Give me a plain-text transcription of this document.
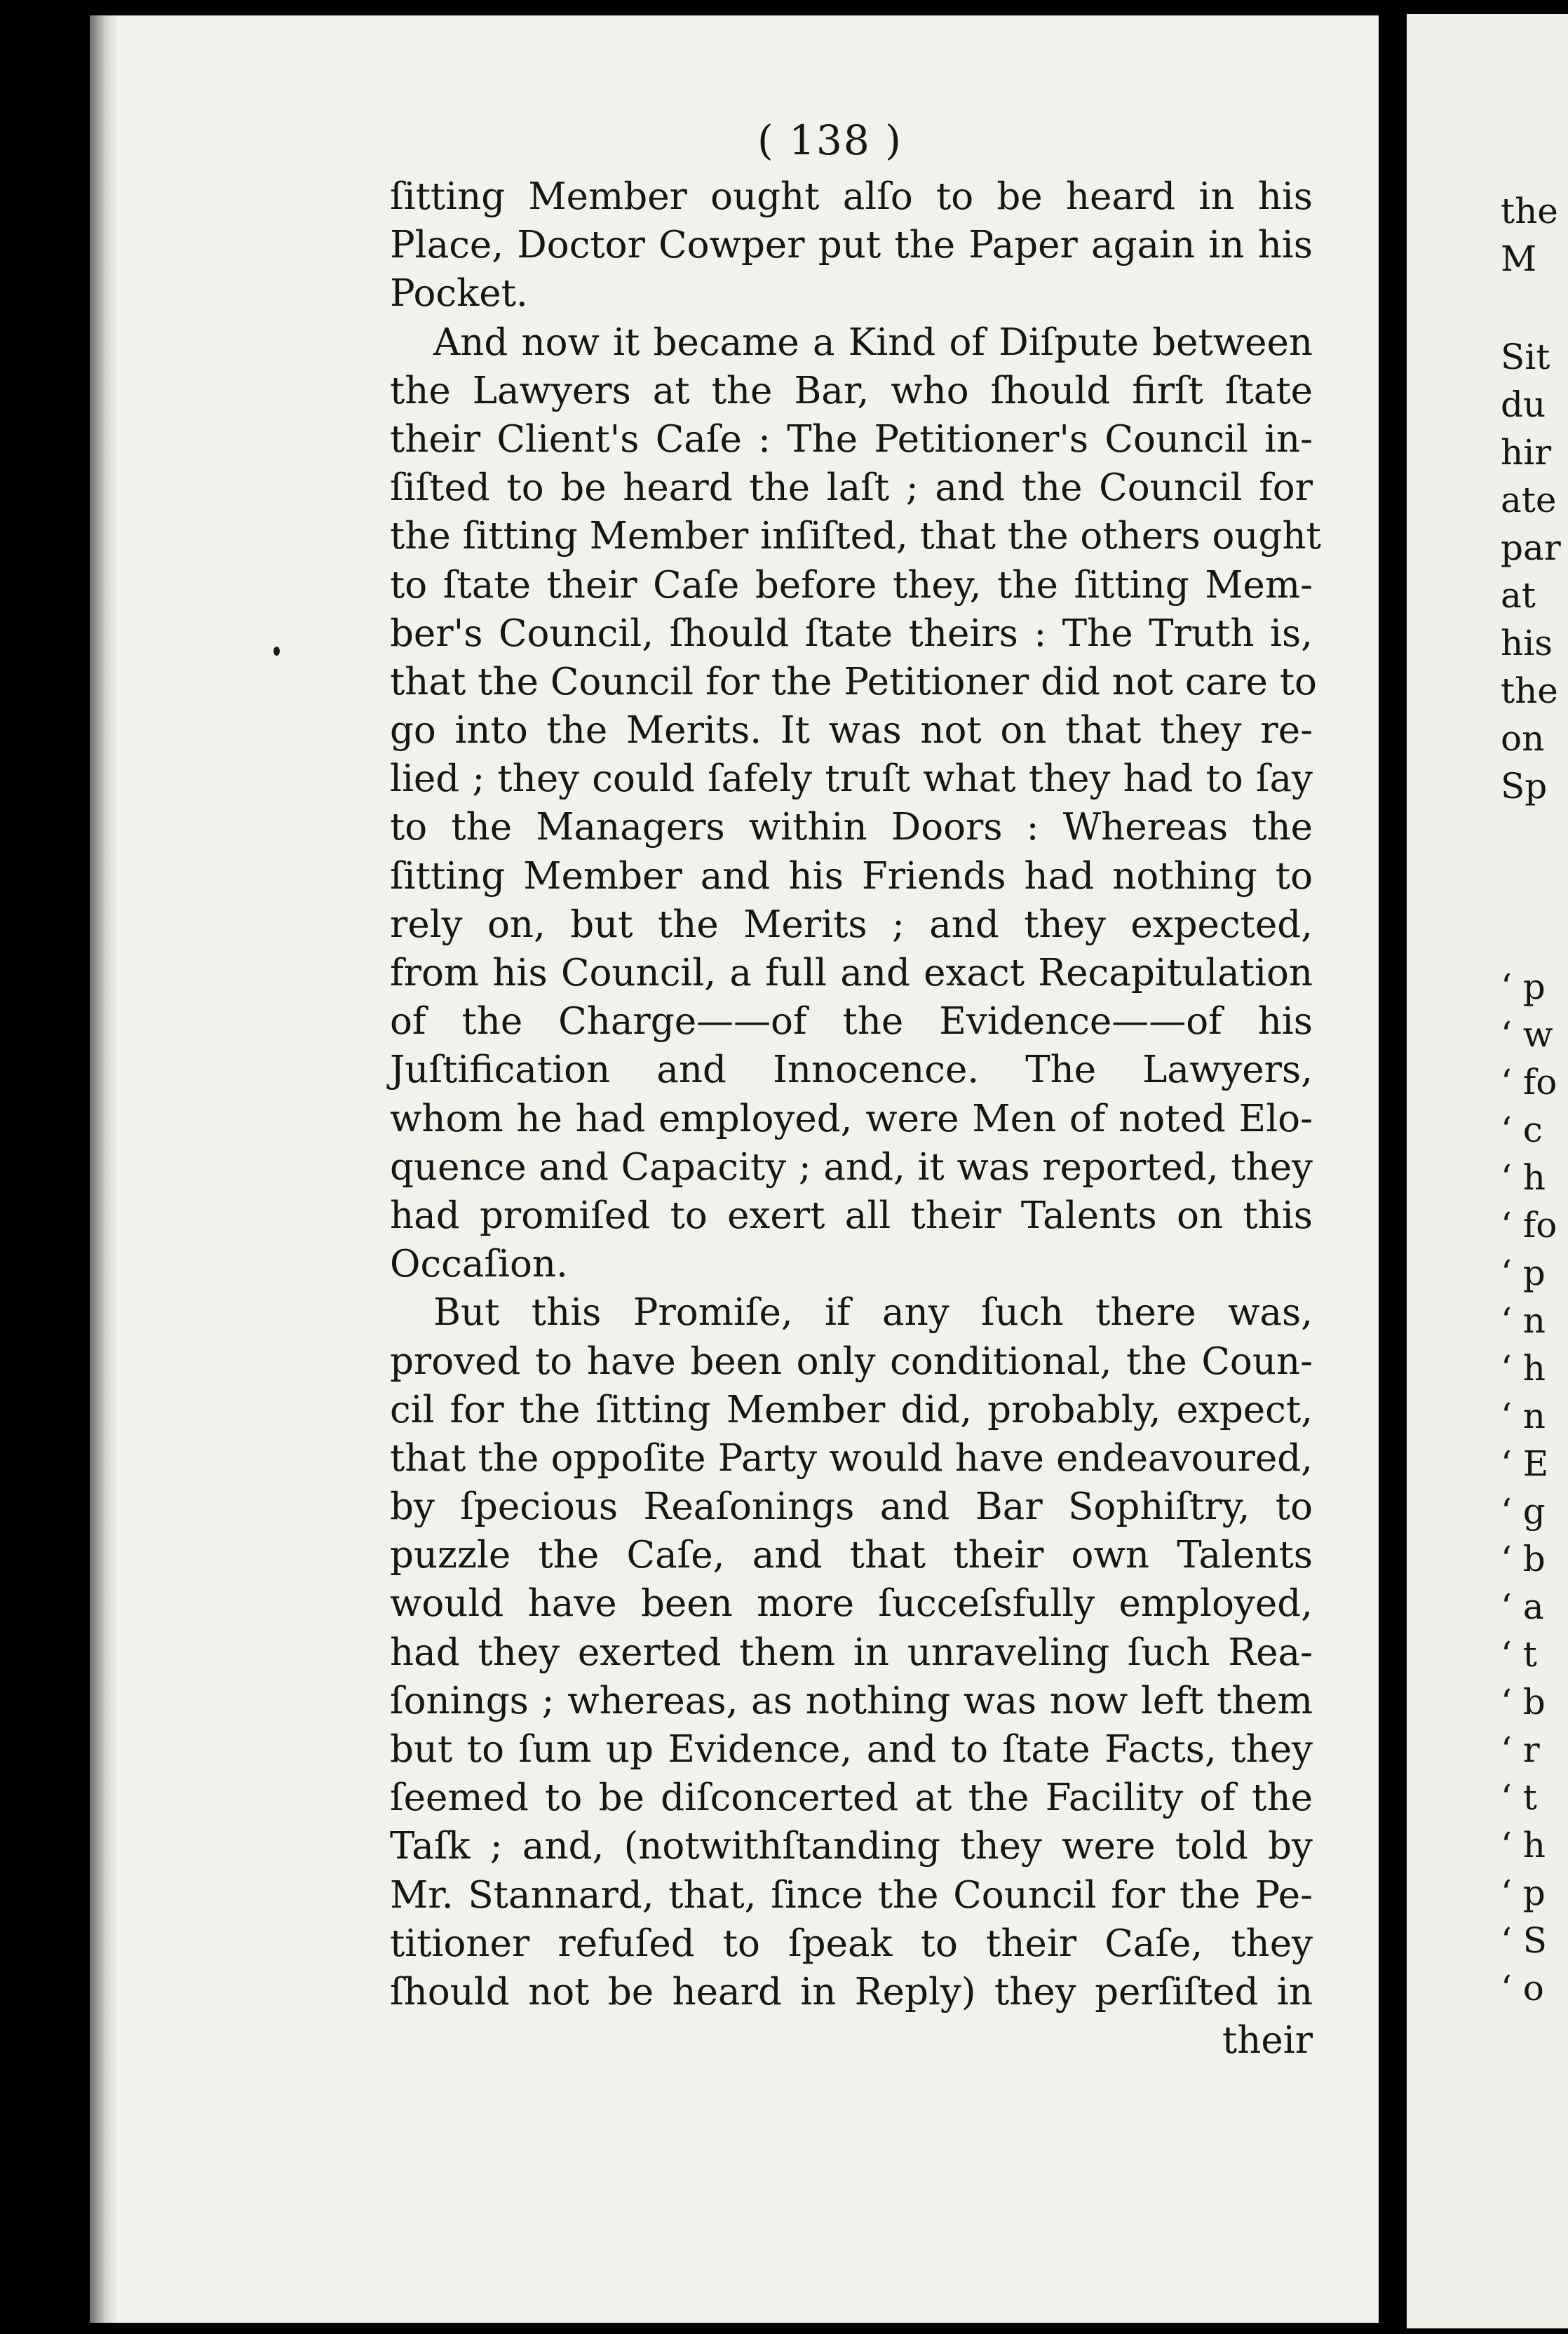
( 138 )
ſitting Member ought alſo to be heard in his
Place, Doctor Cowper put the Paper again in his
Pocket.
And now it became a Kind of Diſpute between
the Lawyers at the Bar, who ſhould firſt ſtate
their Client's Caſe : The Petitioner's Council in-
ſiſted to be heard the laſt ; and the Council for
the ſitting Member inſiſted, that the others ought
to ſtate their Caſe before they, the ſitting Mem-
ber's Council, ſhould ſtate theirs : The Truth is,
that the Council for the Petitioner did not care to
go into the Merits. It was not on that they re-
lied ; they could ſafely truſt what they had to ſay
to the Managers within Doors : Whereas the
ſitting Member and his Friends had nothing to
rely on, but the Merits ; and they expected,
from his Council, a full and exact Recapitulation
of the Charge——of the Evidence——of his
Juſtification and Innocence. The Lawyers,
whom he had employed, were Men of noted Elo-
quence and Capacity ; and, it was reported, they
had promiſed to exert all their Talents on this
Occaſion.
But this Promiſe, if any ſuch there was,
proved to have been only conditional, the Coun-
cil for the ſitting Member did, probably, expect,
that the oppoſite Party would have endeavoured,
by ſpecious Reaſonings and Bar Sophiſtry, to
puzzle the Caſe, and that their own Talents
would have been more ſucceſsfully employed,
had they exerted them in unraveling ſuch Rea-
ſonings ; whereas, as nothing was now left them
but to ſum up Evidence, and to ſtate Facts, they
ſeemed to be diſconcerted at the Facility of the
Taſk ; and, (notwithſtanding they were told by
Mr. Stannard, that, ſince the Council for the Pe-
titioner refuſed to ſpeak to their Caſe, they
ſhould not be heard in Reply) they perſiſted in
their
the
M
Sit
du
hir
ate
par
at
his
the
on
Sp
‘ p
‘ w
‘ fo
‘ c
‘ h
‘ fo
‘ p
‘ n
‘ h
‘ n
‘ E
‘ g
‘ b
‘ a
‘ t
‘ b
‘ r
‘ t
‘ h
‘ p
‘ S
‘ o
